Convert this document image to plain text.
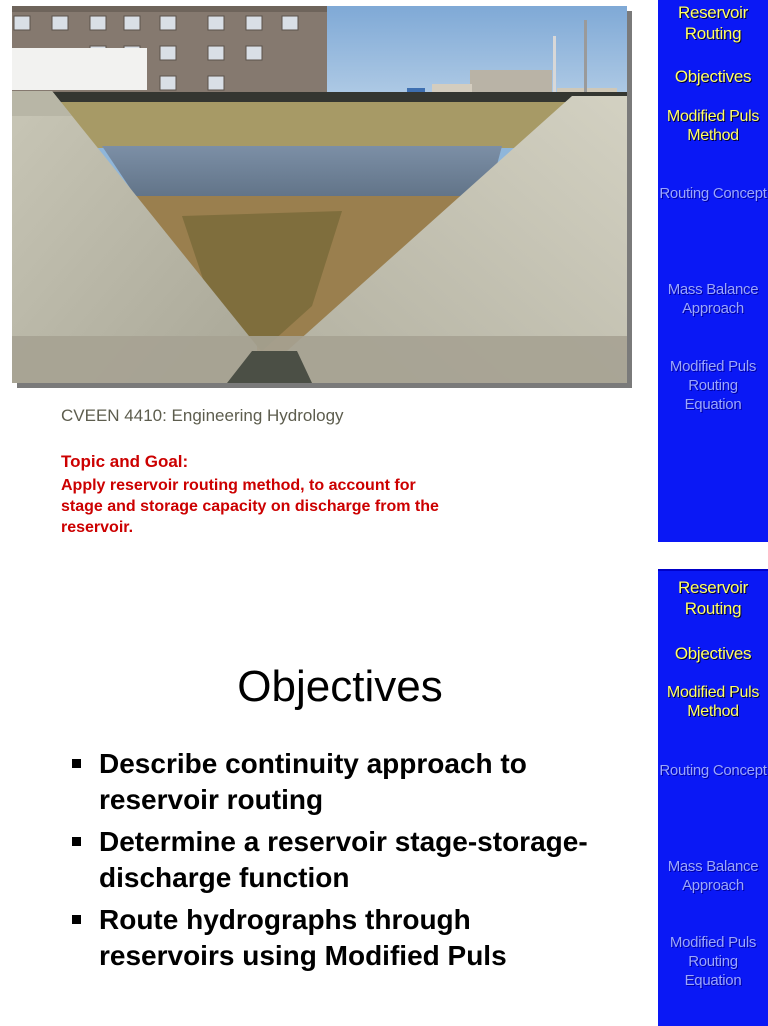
CVEEN 4410: Engineering Hydrology
Topic and Goal:
Apply reservoir routing method, to account for stage and storage capacity on discharge from the reservoir.
Reservoir Routing
Objectives
Modified Puls Method
Routing Concept
Mass Balance Approach
Modified Puls Routing Equation
Objectives
Describe continuity approach to reservoir routing
Determine a reservoir stage-storage-discharge function
Route hydrographs through reservoirs using Modified Puls
Reservoir Routing
Objectives
Modified Puls Method
Routing Concept
Mass Balance Approach
Modified Puls Routing Equation
